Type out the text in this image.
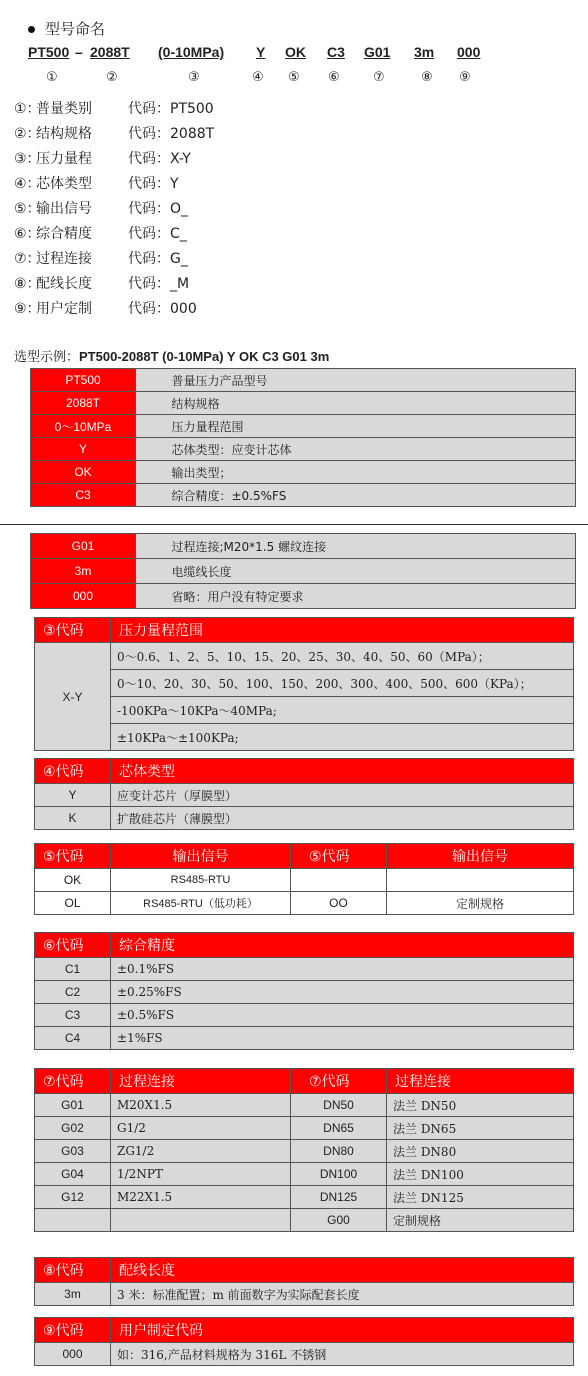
型号命名
PT500 – 2088T (0-10MPa) Y OK C3 G01 3m 000
①	②	③	④ ⑤ ⑥	⑦	⑧ ⑨
①：普量类别	代码：PT500
②：结构规格	代码：2088T
③：压力量程	代码：X-Y
④：芯体类型	代码：Y
⑤：输出信号	代码：O_
⑥：综合精度	代码：C_
⑦：过程连接	代码：G_
⑧：配线长度	代码：_M
⑨：用户定制	代码：000
选型示例：PT500-2088T (0-10MPa) Y OK C3 G01 3m
PT500		普量压力产品型号
2088T		结构规格
0～10MPa		压力量程范围
Y		芯体类型：应变计芯体
OK		输出类型；
C3		综合精度：±0.5%FS
G01		过程连接;M20*1.5 螺纹连接
3m		电缆线长度
000		省略：用户没有特定要求
③代码	压力量程范围
X-Y	0～0.6、1、2、5、10、15、20、25、30、40、50、60（MPa）；
	0～10、20、30、50、100、150、200、300、400、500、600（KPa）；
	-100KPa～10KPa～40MPa;
	±10KPa～±100KPa;
④代码	芯体类型
Y	应变计芯片（厚膜型）
K	扩散硅芯片（薄膜型）
⑤代码	输出信号	⑤代码	输出信号
OK	RS485-RTU		
OL	RS485-RTU（低功耗）	OO	定制规格
⑥代码	综合精度
C1	±0.1%FS
C2	±0.25%FS
C3	±0.5%FS
C4	±1%FS
⑦代码	过程连接	⑦代码	过程连接
G01	M20X1.5	DN50	法兰 DN50
G02	G1/2	DN65	法兰 DN65
G03	ZG1/2	DN80	法兰 DN80
G04	1/2NPT	DN100	法兰 DN100
G12	M22X1.5	DN125	法兰 DN125
		G00	定制规格
⑧代码	配线长度
3m	3 米：标准配置；m 前面数字为实际配套长度
⑨代码	用户制定代码
000	如：316,产品材料规格为 316L 不锈钢
